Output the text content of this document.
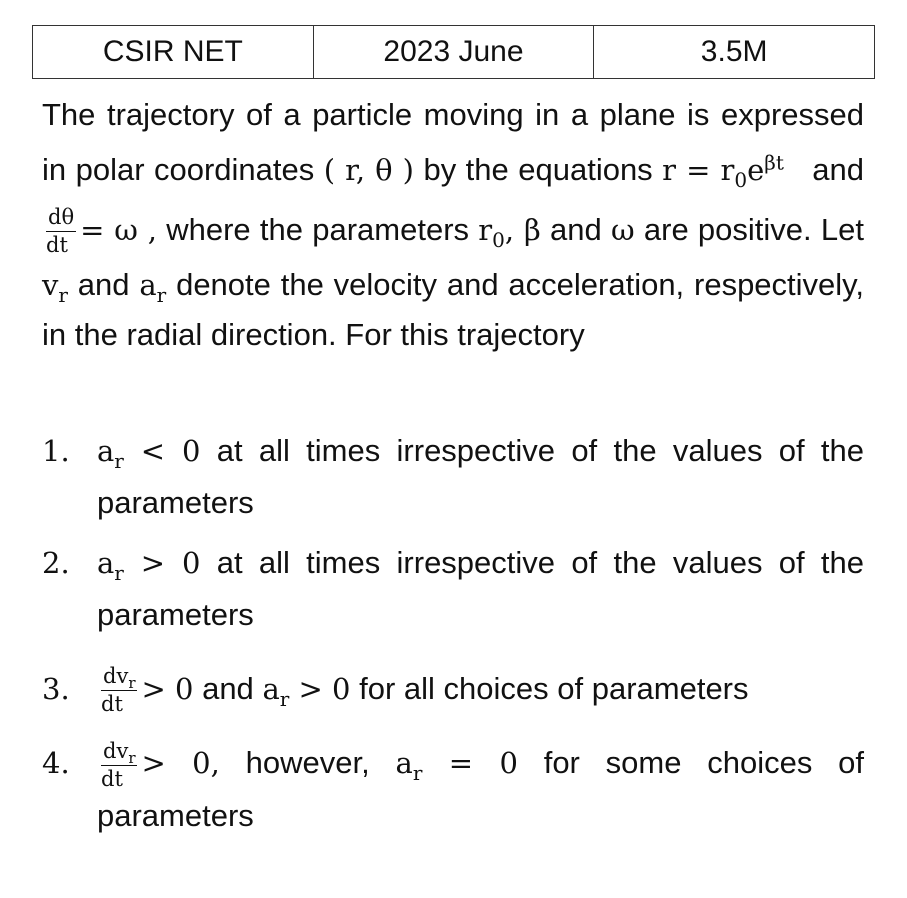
CSIR NET	2023 June	3.5M
The trajectory of a particle moving in a plane is expressed in polar coordinates ( r, θ ) by the equations $r = r_0e^{\beta t}$ and
$\frac{d\theta}{dt} = \omega$ , where the parameters $r_0$, β and ω are positive. Let $v_r$ and $a_r$ denote the velocity and acceleration, respectively, in the radial direction. For this trajectory
1. $a_r < 0$ at all times irrespective of the values of the parameters
2. $a_r > 0$ at all times irrespective of the values of the parameters
3. $\frac{dv_r}{dt} > 0$ and $a_r > 0$ for all choices of parameters
4. $\frac{dv_r}{dt} > 0$, however, $a_r = 0$ for some choices of parameters
